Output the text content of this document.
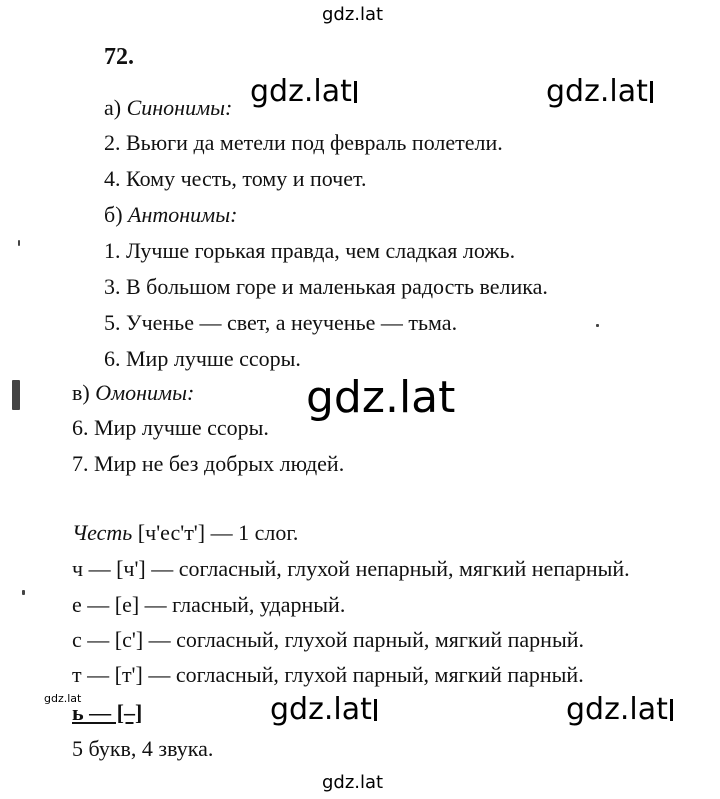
gdz.lat
gdz.lat	gdz.lat
gdz.lat
gdz.lat	gdz.lat
gdz.lat
gdz.lat
72.
а) Синонимы:
2. Вьюги да метели под февраль полетели.
4. Кому честь, тому и почет.
б) Антонимы:
1. Лучше горькая правда, чем сладкая ложь.
3. В большом горе и маленькая радость велика.
5. Ученье — свет, а неученье — тьма.
6. Мир лучше ссоры.
в) Омонимы:
6. Мир лучше ссоры.
7. Мир не без добрых людей.
Честь [ч'ес'т'] — 1 слог.
ч — [ч'] — согласный, глухой непарный, мягкий непарный.
е — [е] — гласный, ударный.
с — [с'] — согласный, глухой парный, мягкий парный.
т — [т'] — согласный, глухой парный, мягкий парный.
ь — [–]
5 букв, 4 звука.
